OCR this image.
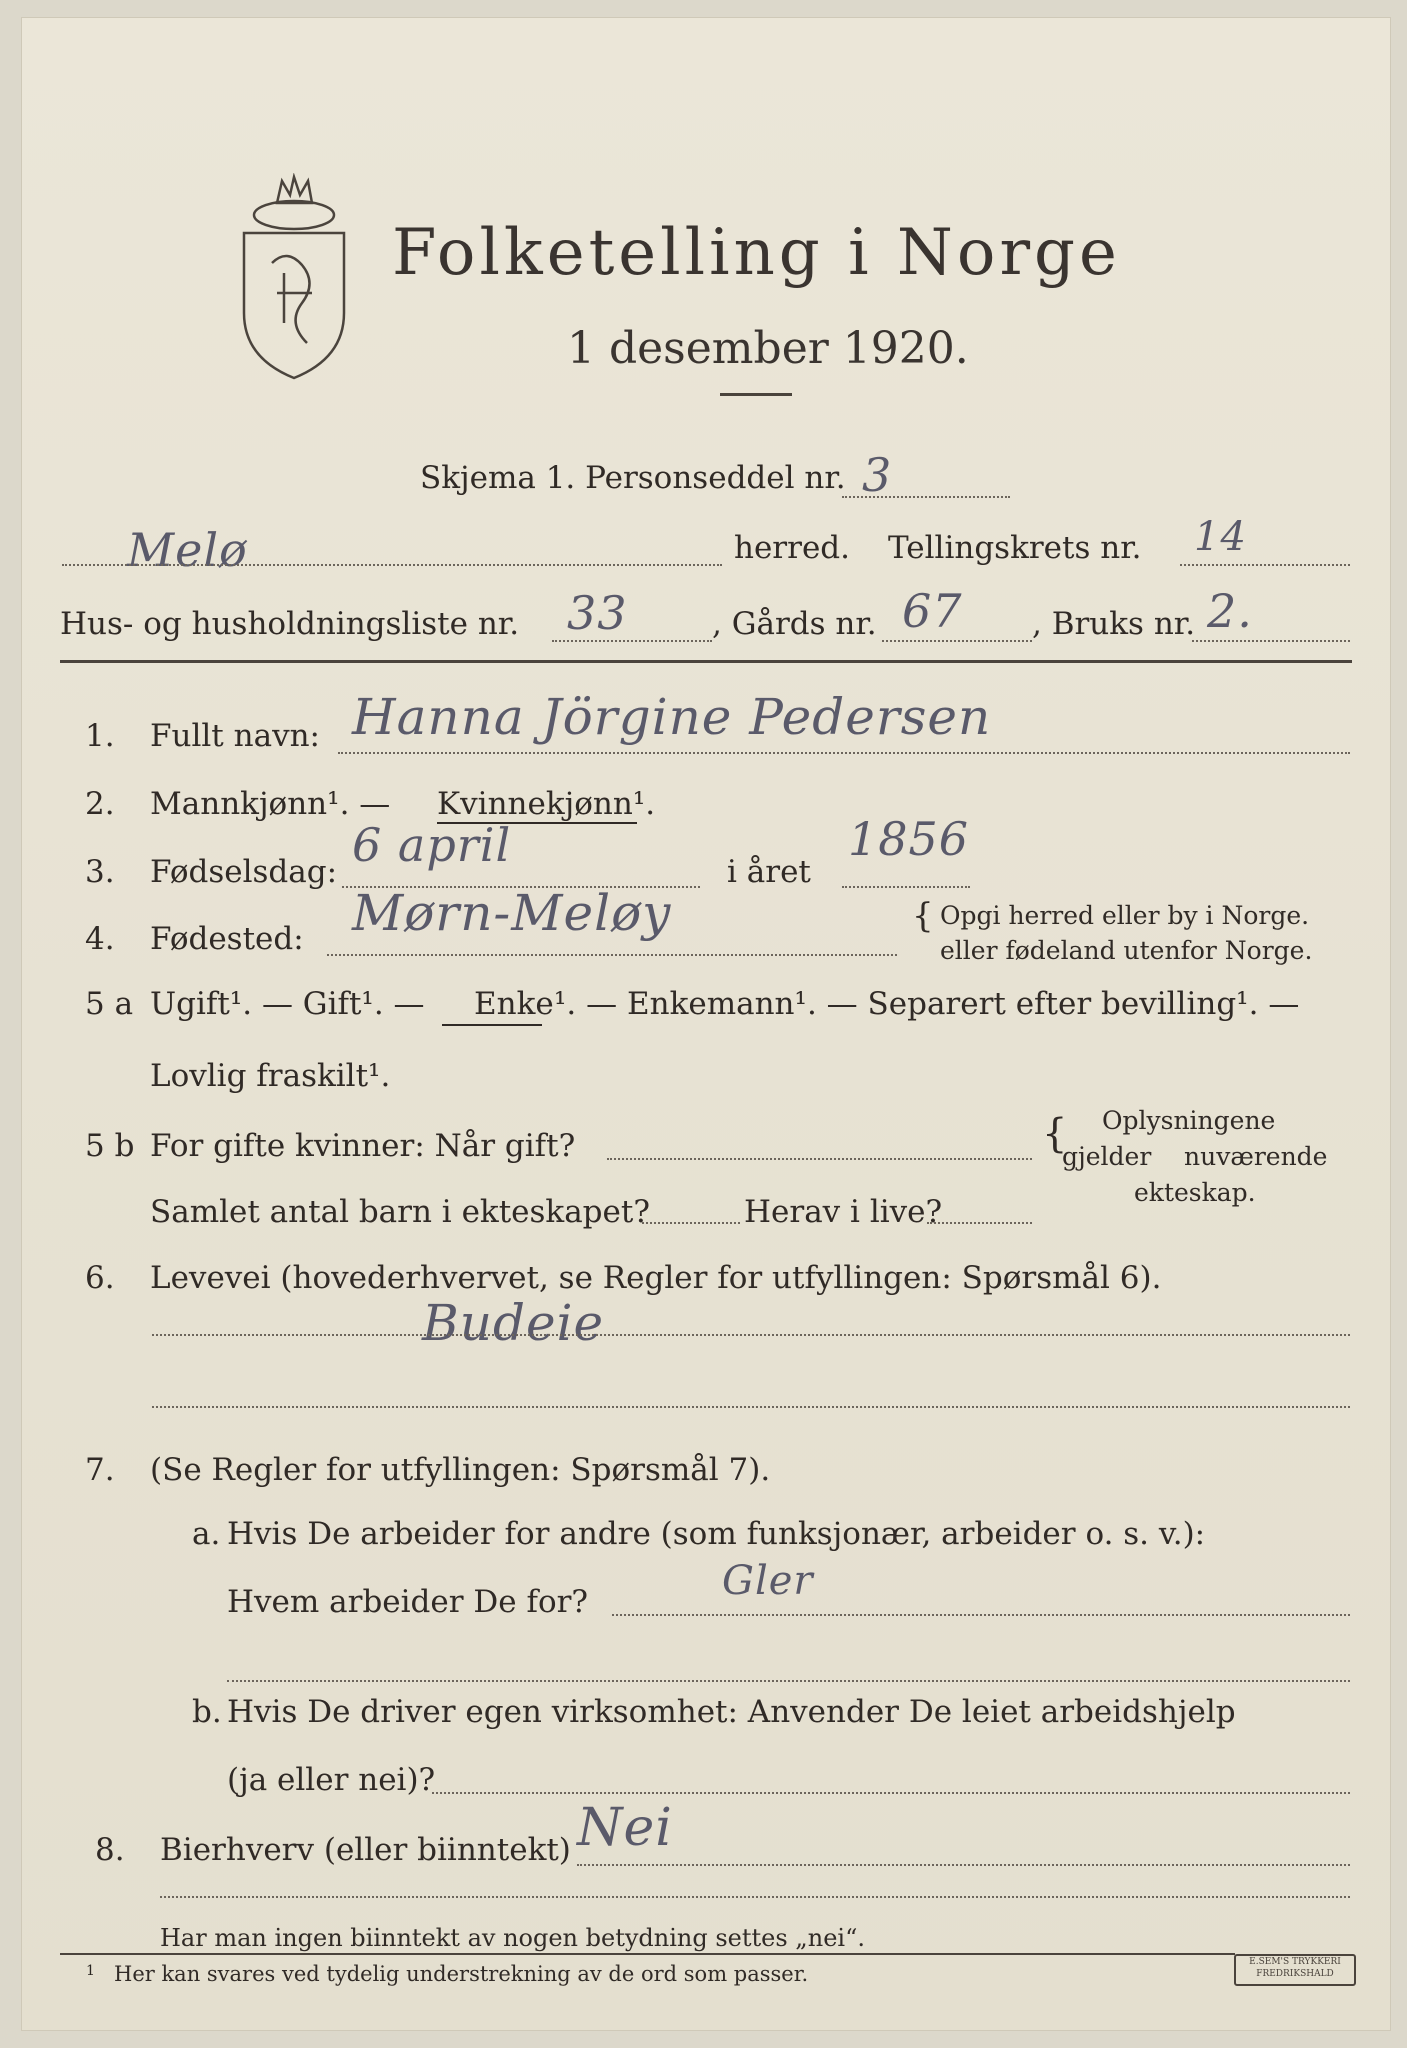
Folketelling i Norge
1 desember 1920.
Skjema 1. Personseddel nr. 3
Melø	herred. Tellingskrets nr. 14
Hus- og husholdningsliste nr. 33	, Gårds nr. 67 , Bruks nr. 2.
1. Fullt navn: Hanna Jörgine Pedersen
2. Mannkjønn¹. — Kvinnekjønn¹.
3. Fødselsdag: 6 april	i året
1856
4. Fødested: Mørn-Meløy	{ Opgi herred eller by i Norge.
eller fødeland utenfor Norge.
5 a Ugift¹. — Gift¹. — Enke ¹. — Enkemann¹. — Separert efter bevilling¹. —
Lovlig fraskilt¹.
5 b For gifte kvinner: Når gift?
Samlet antal barn i ekteskapet?	Herav i live?
{ Oplysningene
gjelder nuværende
ekteskap.
6. Levevei (hovederhvervet, se Regler for utfyllingen: Spørsmål 6).
Budeie
7. (Se Regler for utfyllingen: Spørsmål 7).
a. Hvis De arbeider for andre (som funksjonær, arbeider o. s. v.):
Hvem arbeider De for?	Gler
b. Hvis De driver egen virksomhet: Anvender De leiet arbeidshjelp
(ja eller nei)?
8. Bierhverv (eller biinntekt) Nei
Har man ingen biinntekt av nogen betydning settes „nei“.
1 Her kan svares ved tydelig understrekning av de ord som passer.	E.SEM'S TRYKKERI FREDRIKSHALD
